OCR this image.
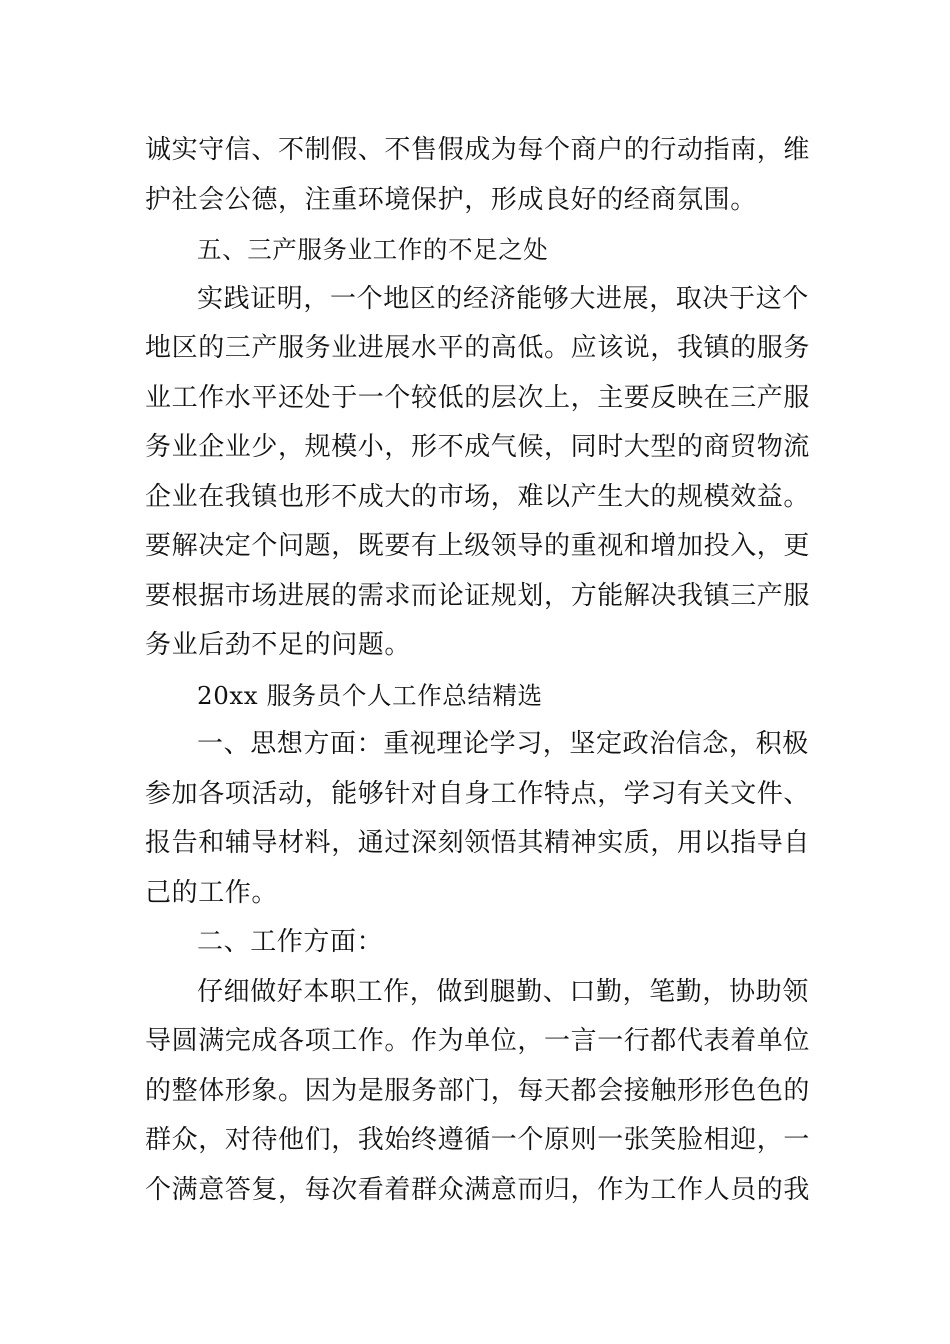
诚实守信、不制假、不售假成为每个商户的行动指南，维
护社会公德，注重环境保护，形成良好的经商氛围。
五、三产服务业工作的不足之处
实践证明，一个地区的经济能够大进展，取决于这个
地区的三产服务业进展水平的高低。应该说，我镇的服务
业工作水平还处于一个较低的层次上，主要反映在三产服
务业企业少，规模小，形不成气候，同时大型的商贸物流
企业在我镇也形不成大的市场，难以产生大的规模效益。
要解决定个问题，既要有上级领导的重视和增加投入，更
要根据市场进展的需求而论证规划，方能解决我镇三产服
务业后劲不足的问题。
20xx 服务员个人工作总结精选
一、思想方面：重视理论学习，坚定政治信念，积极
参加各项活动，能够针对自身工作特点，学习有关文件、
报告和辅导材料，通过深刻领悟其精神实质，用以指导自
己的工作。
二、工作方面：
仔细做好本职工作，做到腿勤、口勤，笔勤，协助领
导圆满完成各项工作。作为单位，一言一行都代表着单位
的整体形象。因为是服务部门，每天都会接触形形色色的
群众，对待他们，我始终遵循一个原则一张笑脸相迎，一
个满意答复，每次看着群众满意而归，作为工作人员的我
